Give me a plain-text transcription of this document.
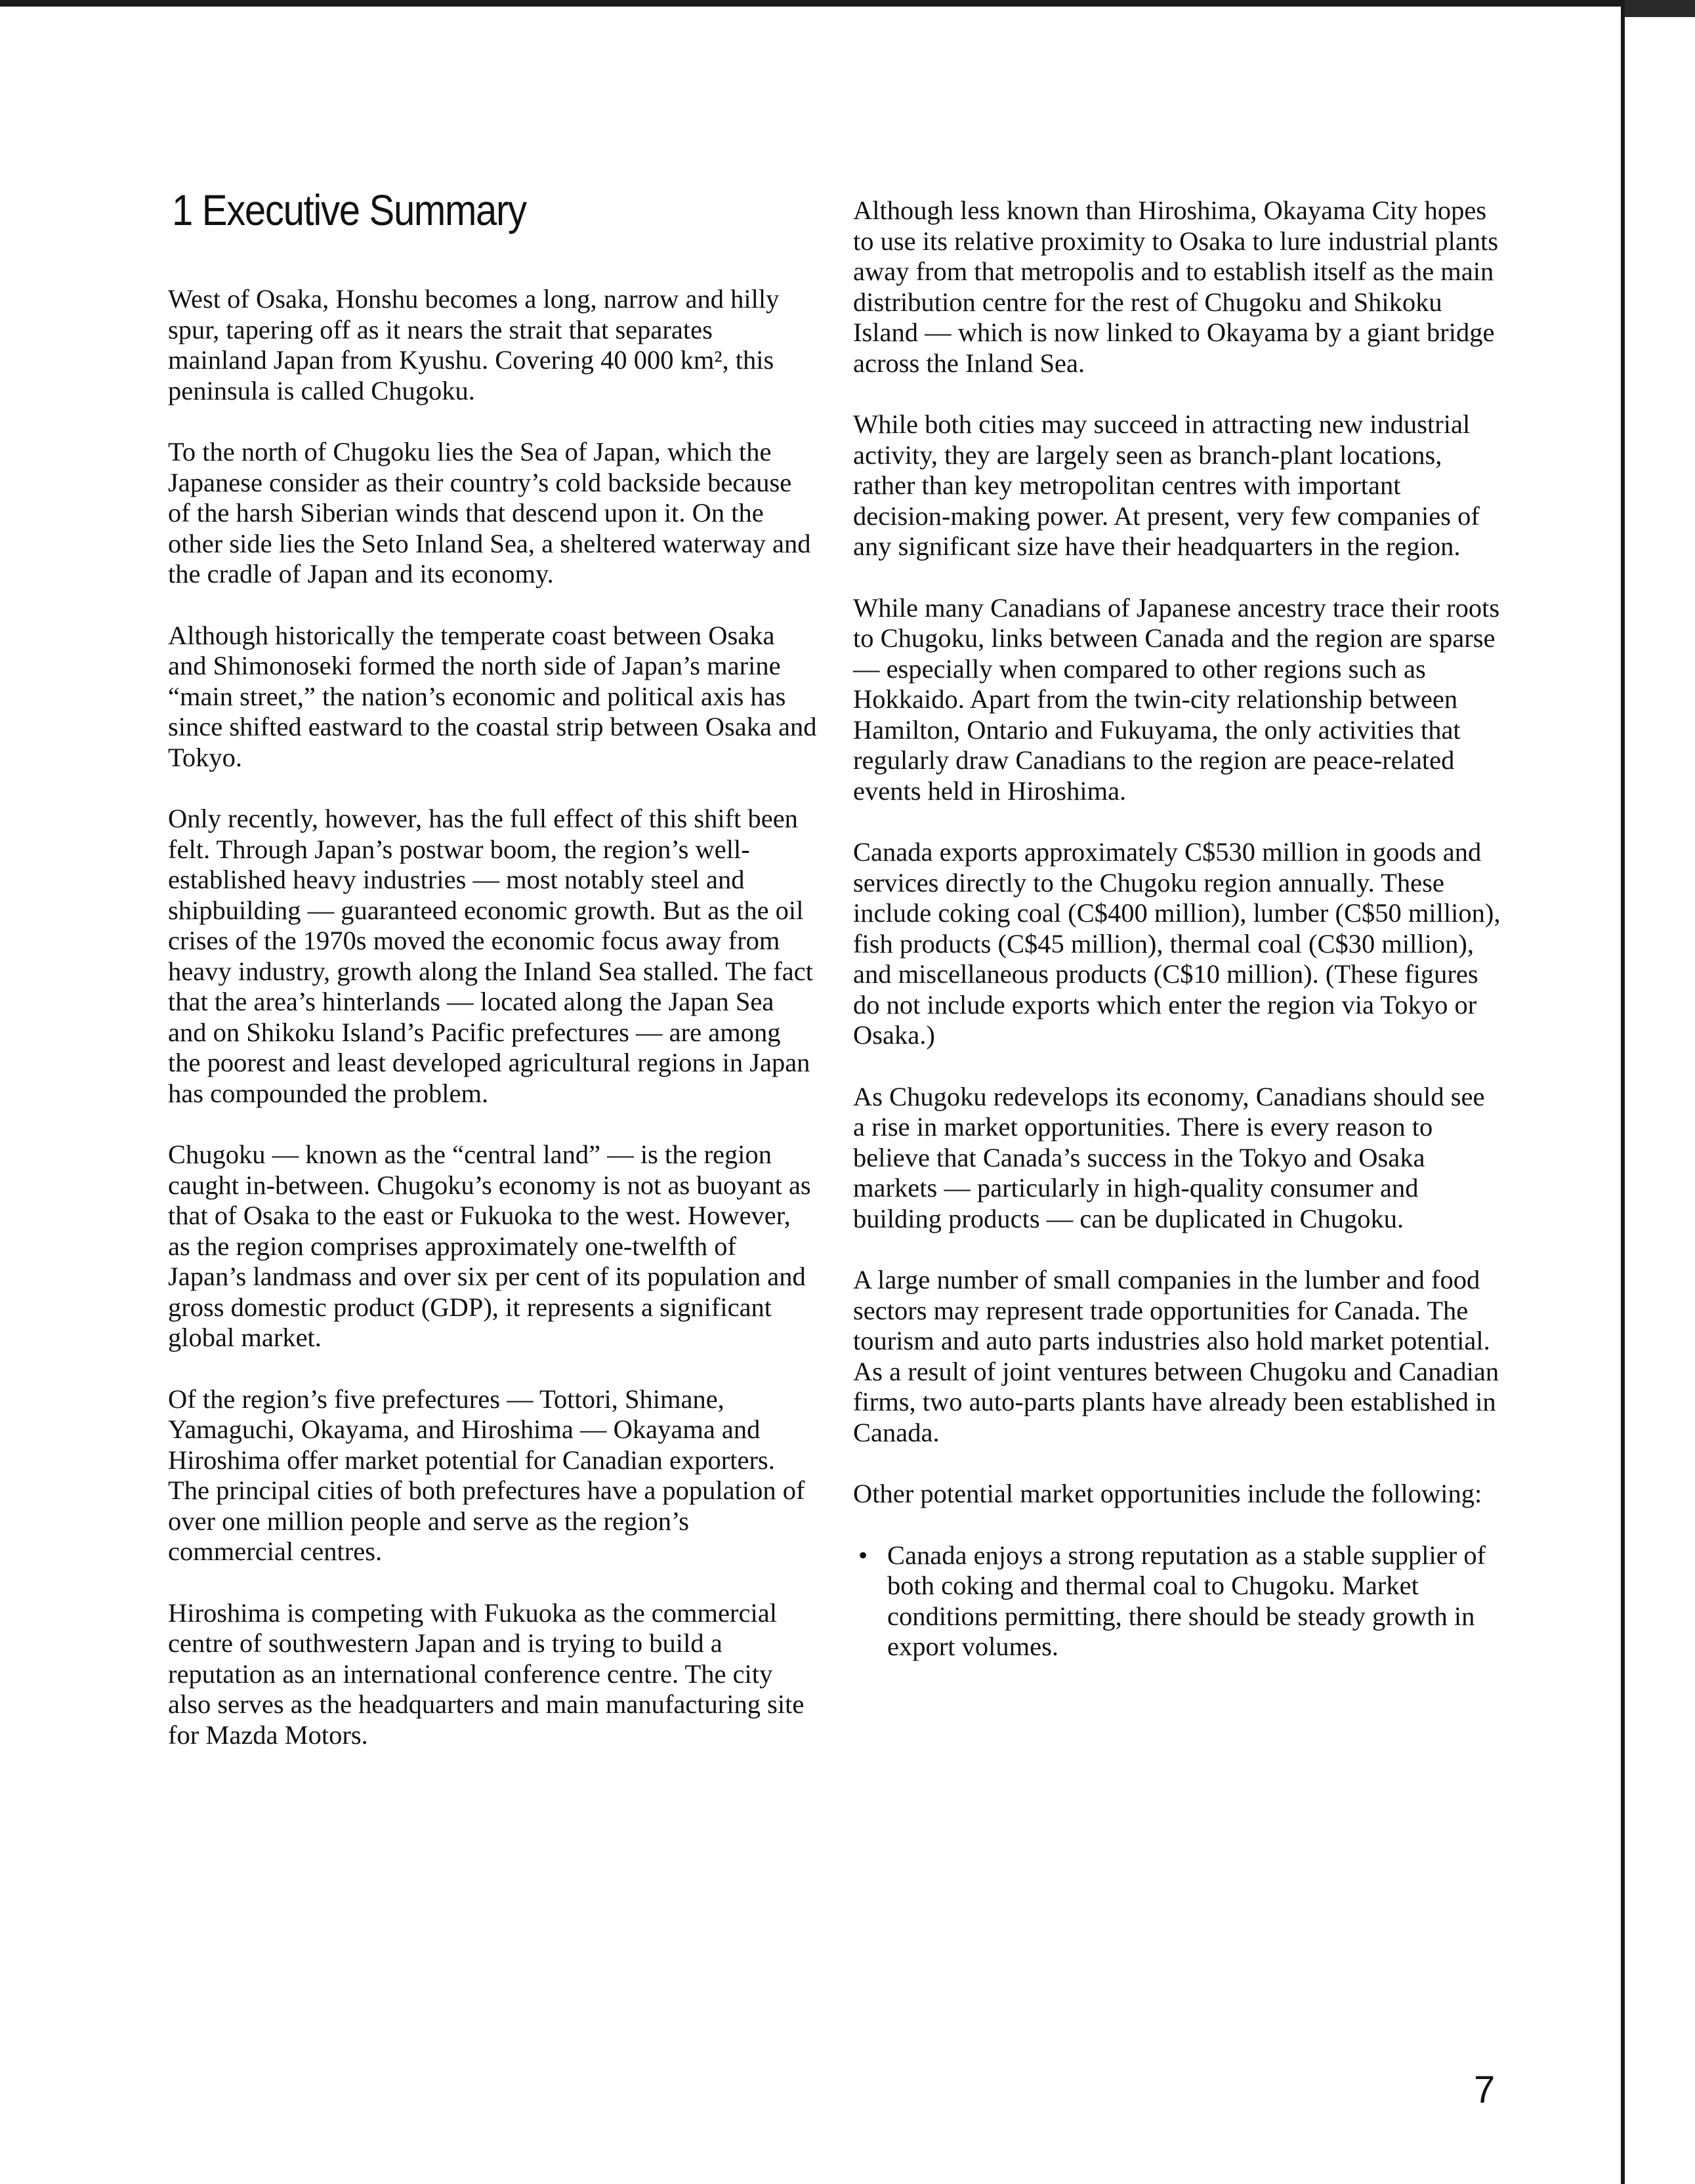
1 Executive Summary

West of Osaka, Honshu becomes a long, narrow and hilly spur, tapering off as it nears the strait that separates mainland Japan from Kyushu. Covering 40 000 km², this peninsula is called Chugoku.

To the north of Chugoku lies the Sea of Japan, which the Japanese consider as their country’s cold backside because of the harsh Siberian winds that descend upon it. On the other side lies the Seto Inland Sea, a sheltered waterway and the cradle of Japan and its economy.

Although historically the temperate coast between Osaka and Shimonoseki formed the north side of Japan’s marine “main street,” the nation’s economic and political axis has since shifted eastward to the coastal strip between Osaka and Tokyo.

Only recently, however, has the full effect of this shift been felt. Through Japan’s postwar boom, the region’s well-established heavy industries — most notably steel and shipbuilding — guaranteed economic growth. But as the oil crises of the 1970s moved the economic focus away from heavy industry, growth along the Inland Sea stalled. The fact that the area’s hinterlands — located along the Japan Sea and on Shikoku Island’s Pacific prefectures — are among the poorest and least developed agricultural regions in Japan has compounded the problem.

Chugoku — known as the “central land” — is the region caught in-between. Chugoku’s economy is not as buoyant as that of Osaka to the east or Fukuoka to the west. However, as the region comprises approximately one-twelfth of Japan’s landmass and over six per cent of its population and gross domestic product (GDP), it represents a significant global market.

Of the region’s five prefectures — Tottori, Shimane, Yamaguchi, Okayama, and Hiroshima — Okayama and Hiroshima offer market potential for Canadian exporters. The principal cities of both prefectures have a population of over one million people and serve as the region’s commercial centres.

Hiroshima is competing with Fukuoka as the commercial centre of southwestern Japan and is trying to build a reputation as an international conference centre. The city also serves as the headquarters and main manufacturing site for Mazda Motors.

Although less known than Hiroshima, Okayama City hopes to use its relative proximity to Osaka to lure industrial plants away from that metropolis and to establish itself as the main distribution centre for the rest of Chugoku and Shikoku Island — which is now linked to Okayama by a giant bridge across the Inland Sea.

While both cities may succeed in attracting new industrial activity, they are largely seen as branch-plant locations, rather than key metropolitan centres with important decision-making power. At present, very few companies of any significant size have their headquarters in the region.

While many Canadians of Japanese ancestry trace their roots to Chugoku, links between Canada and the region are sparse — especially when compared to other regions such as Hokkaido. Apart from the twin-city relationship between Hamilton, Ontario and Fukuyama, the only activities that regularly draw Canadians to the region are peace-related events held in Hiroshima.

Canada exports approximately C$530 million in goods and services directly to the Chugoku region annually. These include coking coal (C$400 million), lumber (C$50 million), fish products (C$45 million), thermal coal (C$30 million), and miscellaneous products (C$10 million). (These figures do not include exports which enter the region via Tokyo or Osaka.)

As Chugoku redevelops its economy, Canadians should see a rise in market opportunities. There is every reason to believe that Canada’s success in the Tokyo and Osaka markets — particularly in high-quality consumer and building products — can be duplicated in Chugoku.

A large number of small companies in the lumber and food sectors may represent trade opportunities for Canada. The tourism and auto parts industries also hold market potential. As a result of joint ventures between Chugoku and Canadian firms, two auto-parts plants have already been established in Canada.

Other potential market opportunities include the following:

• Canada enjoys a strong reputation as a stable supplier of both coking and thermal coal to Chugoku. Market conditions permitting, there should be steady growth in export volumes.
7
